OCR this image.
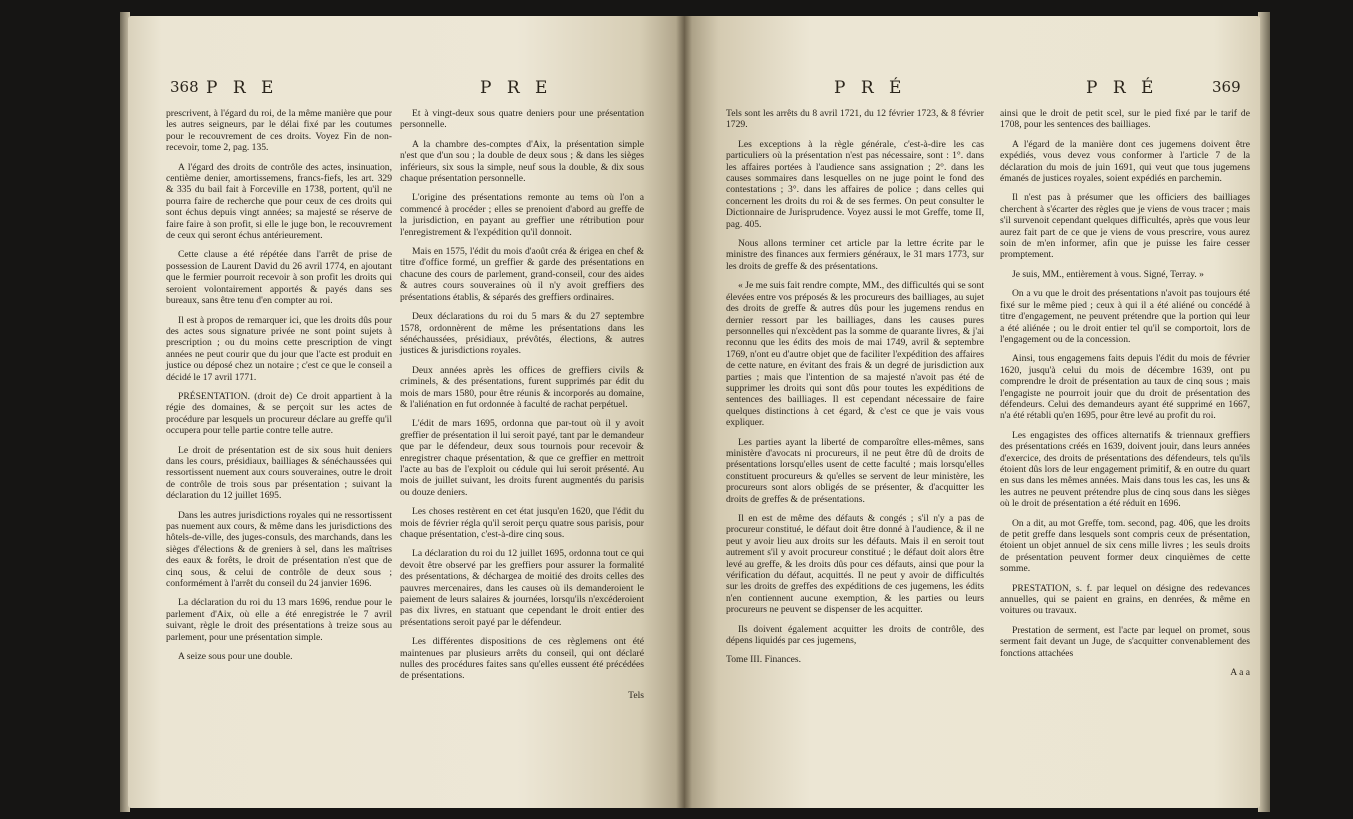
368 P R E	P R E

prescrivent, à l'égard du roi, de la même manière que pour les autres seigneurs, par le délai fixé par les coutumes pour le recouvrement de ces droits. Voyez Fin de non-recevoir, tome 2, pag. 135.

A l'égard des droits de contrôle des actes, insinuation, centième denier, amortissemens, francs-fiefs, les art. 329 & 335 du bail fait à Forceville en 1738, portent, qu'il ne pourra faire de recherche que pour ceux de ces droits qui sont échus depuis vingt années; sa majesté se réserve de faire faire à son profit, si elle le juge bon, le recouvrement de ceux qui seront échus antérieurement.

Cette clause a été répétée dans l'arrêt de prise de possession de Laurent David du 26 avril 1774, en ajoutant que le fermier pourroit recevoir à son profit les droits qui seroient volontairement apportés & payés dans ses bureaux, sans être tenu d'en compter au roi.

Il est à propos de remarquer ici, que les droits dûs pour des actes sous signature privée ne sont point sujets à prescription ; ou du moins cette prescription de vingt années ne peut courir que du jour que l'acte est produit en justice ou déposé chez un notaire ; c'est ce que le conseil a décidé le 17 avril 1771.

PRÉSENTATION. (droit de) Ce droit appartient à la régie des domaines, & se perçoit sur les actes de procédure par lesquels un procureur déclare au greffe qu'il occupera pour telle partie contre telle autre.

Le droit de présentation est de six sous huit deniers dans les cours, présidiaux, bailliages & sénéchaussées qui ressortissent nuement aux cours souveraines, outre le droit de contrôle de trois sous par présentation ; suivant la déclaration du 12 juillet 1695.

Dans les autres jurisdictions royales qui ne ressortissent pas nuement aux cours, & même dans les jurisdictions des hôtels-de-ville, des juges-consuls, des marchands, dans les sièges d'élections & de greniers à sel, dans les maîtrises des eaux & forêts, le droit de présentation n'est que de cinq sous, & celui de contrôle de deux sous ; conformément à l'arrêt du conseil du 24 janvier 1696.

La déclaration du roi du 13 mars 1696, rendue pour le parlement d'Aix, où elle a été enregistrée le 7 avril suivant, règle le droit des présentations à treize sous au parlement, pour une présentation simple.

A seize sous pour une double.

Et à vingt-deux sous quatre deniers pour une présentation personnelle.

A la chambre des-comptes d'Aix, la présentation simple n'est que d'un sou ; la double de deux sous ; & dans les sièges inférieurs, six sous la simple, neuf sous la double, & dix sous chaque présentation personnelle.

L'origine des présentations remonte au tems où l'on a commencé à procéder ; elles se prenoient d'abord au greffe de la jurisdiction, en payant au greffier une rétribution pour l'enregistrement & l'expédition qu'il donnoit.

Mais en 1575, l'édit du mois d'août créa & érigea en chef & titre d'office formé, un greffier & garde des présentations en chacune des cours de parlement, grand-conseil, cour des aides & autres cours souveraines où il n'y avoit greffiers des présentations établis, & séparés des greffiers ordinaires.

Deux déclarations du roi du 5 mars & du 27 septembre 1578, ordonnèrent de même les présentations dans les sénéchaussées, présidiaux, prévôtés, élections, & autres justices & jurisdictions royales.

Deux années après les offices de greffiers civils & criminels, & des présentations, furent supprimés par édit du mois de mars 1580, pour être réunis & incorporés au domaine, & l'aliénation en fut ordonnée à faculté de rachat perpétuel.

L'édit de mars 1695, ordonna que par-tout où il y avoit greffier de présentation il lui seroit payé, tant par le demandeur que par le défendeur, deux sous tournois pour recevoir & enregistrer chaque présentation, & que ce greffier en mettroit l'acte au bas de l'exploit ou cédule qui lui seroit présenté. Au mois de juillet suivant, les droits furent augmentés du parisis ou douze deniers.

Les choses restèrent en cet état jusqu'en 1620, que l'édit du mois de février régla qu'il seroit perçu quatre sous parisis, pour chaque présentation, c'est-à-dire cinq sous.

La déclaration du roi du 12 juillet 1695, ordonna tout ce qui devoit être observé par les greffiers pour assurer la formalité des présentations, & déchargea de moitié des droits celles des pauvres mercenaires, dans les causes où ils demanderoient le paiement de leurs salaires & journées, lorsqu'ils n'excéderoient pas dix livres, en statuant que cependant le droit entier des présentations seroit payé par le défendeur.

Les différentes dispositions de ces règlemens ont été maintenues par plusieurs arrêts du conseil, qui ont déclaré nulles des procédures faites sans qu'elles eussent été précédées de présentations.

Tels

P R É	P R É	369

Tels sont les arrêts du 8 avril 1721, du 12 février 1723, & 8 février 1729.

Les exceptions à la règle générale, c'est-à-dire les cas particuliers où la présentation n'est pas nécessaire, sont : 1°. dans les affaires portées à l'audience sans assignation ; 2°. dans les causes sommaires dans lesquelles on ne juge point le fond des contestations ; 3°. dans les affaires de police ; dans celles qui concernent les droits du roi & de ses fermes. On peut consulter le Dictionnaire de Jurisprudence. Voyez aussi le mot Greffe, tome II, pag. 405.

Nous allons terminer cet article par la lettre écrite par le ministre des finances aux fermiers généraux, le 31 mars 1773, sur les droits de greffe & des présentations.

« Je me suis fait rendre compte, MM., des difficultés qui se sont élevées entre vos préposés & les procureurs des bailliages, au sujet des droits de greffe & autres dûs pour les jugemens rendus en dernier ressort par les bailliages, dans les causes pures personnelles qui n'excèdent pas la somme de quarante livres, & j'ai reconnu que les édits des mois de mai 1749, avril & septembre 1769, n'ont eu d'autre objet que de faciliter l'expédition des affaires de cette nature, en évitant des frais & un degré de jurisdiction aux parties ; mais que l'intention de sa majesté n'avoit pas été de supprimer les droits qui sont dûs pour toutes les expéditions de sentences des bailliages. Il est cependant nécessaire de faire quelques distinctions à cet égard, & c'est ce que je vais vous expliquer.

Les parties ayant la liberté de comparoître elles-mêmes, sans ministère d'avocats ni procureurs, il ne peut être dû de droits de présentations lorsqu'elles usent de cette faculté ; mais lorsqu'elles constituent procureurs & qu'elles se servent de leur ministère, les procureurs sont alors obligés de se présenter, & d'acquitter les droits de greffes & de présentations.

Il en est de même des défauts & congés ; s'il n'y a pas de procureur constitué, le défaut doit être donné à l'audience, & il ne peut y avoir lieu aux droits sur les défauts. Mais il en seroit tout autrement s'il y avoit procureur constitué ; le défaut doit alors être levé au greffe, & les droits dûs pour ces défauts, ainsi que pour la vérification du défaut, acquittés. Il ne peut y avoir de difficultés sur les droits de greffes des expéditions de ces jugemens, les édits n'en contiennent aucune exemption, & les parties ou leurs procureurs ne peuvent se dispenser de les acquitter.

Ils doivent également acquitter les droits de contrôle, des dépens liquidés par ces jugemens,

Tome III. Finances.

ainsi que le droit de petit scel, sur le pied fixé par le tarif de 1708, pour les sentences des bailliages.

A l'égard de la manière dont ces jugemens doivent être expédiés, vous devez vous conformer à l'article 7 de la déclaration du mois de juin 1691, qui veut que tous jugemens émanés de justices royales, soient expédiés en parchemin.

Il n'est pas à présumer que les officiers des bailliages cherchent à s'écarter des règles que je viens de vous tracer ; mais s'il survenoit cependant quelques difficultés, après que vous leur aurez fait part de ce que je viens de vous prescrire, vous aurez soin de m'en informer, afin que je puisse les faire cesser promptement.

Je suis, MM., entièrement à vous. Signé, Terray. »

On a vu que le droit des présentations n'avoit pas toujours été fixé sur le même pied ; ceux à qui il a été aliéné ou concédé à titre d'engagement, ne peuvent prétendre que la portion qui leur a été aliénée ; ou le droit entier tel qu'il se comportoit, lors de l'engagement ou de la concession.

Ainsi, tous engagemens faits depuis l'édit du mois de février 1620, jusqu'à celui du mois de décembre 1639, ont pu comprendre le droit de présentation au taux de cinq sous ; mais l'engagiste ne pourroit jouir que du droit de présentation des défendeurs. Celui des demandeurs ayant été supprimé en 1667, n'a été rétabli qu'en 1695, pour être levé au profit du roi.

Les engagistes des offices alternatifs & triennaux greffiers des présentations créés en 1639, doivent jouir, dans leurs années d'exercice, des droits de présentations des défendeurs, tels qu'ils étoient dûs lors de leur engagement primitif, & en outre du quart en sus dans les mêmes années. Mais dans tous les cas, les uns & les autres ne peuvent prétendre plus de cinq sous dans les sièges où le droit de présentation a été réduit en 1696.

On a dit, au mot Greffe, tom. second, pag. 406, que les droits de petit greffe dans lesquels sont compris ceux de présentation, étoient un objet annuel de six cens mille livres ; les seuls droits de présentation peuvent former deux cinquièmes de cette somme.

PRESTATION, s. f. par lequel on désigne des redevances annuelles, qui se paient en grains, en denrées, & même en voitures ou travaux.

Prestation de serment, est l'acte par lequel on promet, sous serment fait devant un Juge, de s'acquitter convenablement des fonctions attachées

A a a
